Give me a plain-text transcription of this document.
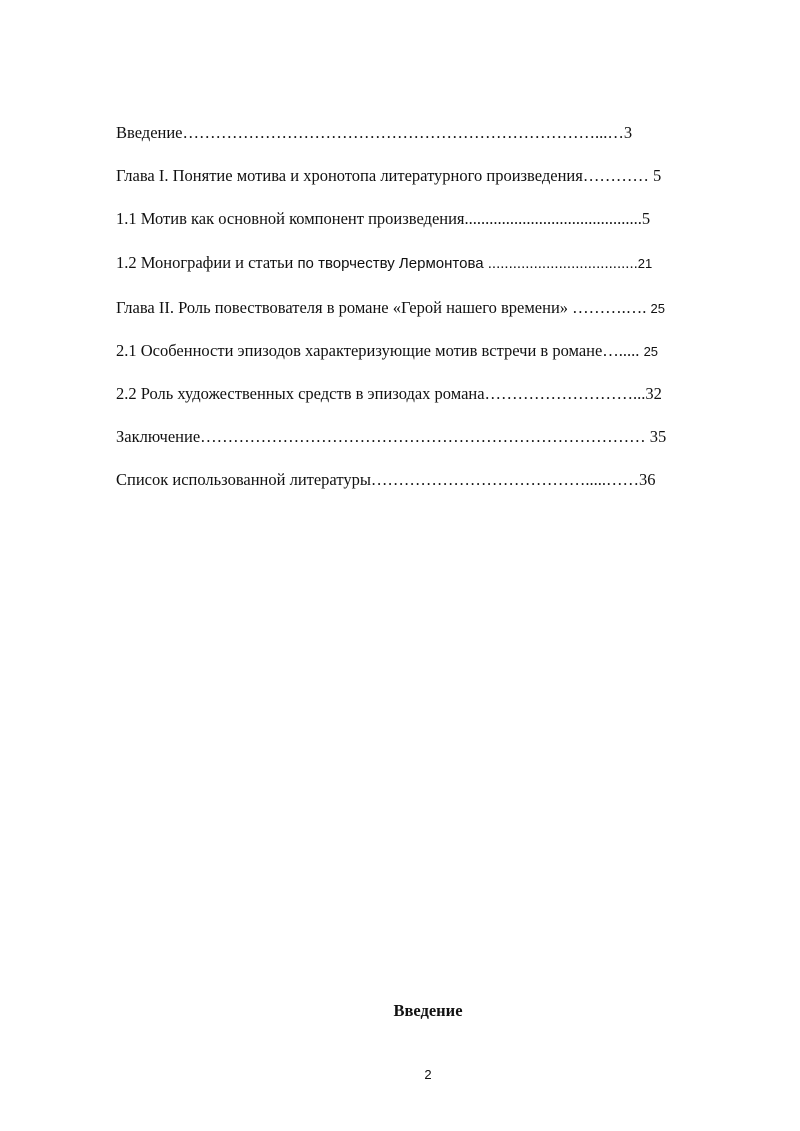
Введение…………………………………………………………………...…3
Глава I. Понятие мотива и хронотопа литературного произведения………… 5
1.1 Мотив как основной компонент произведения...........................................5
1.2 Монографии и статьи по творчеству Лермонтова ....................................21
Глава II. Роль повествователя в романе «Герой нашего времени» ……….…. 25
2.1 Особенности эпизодов характеризующие мотив встречи в романе…..... 25
2.2 Роль художественных средств в эпизодах романа………………………...32
Заключение……………………………………………………………………… 35
Список использованной литературы………………………………….....……36
Введение
2
